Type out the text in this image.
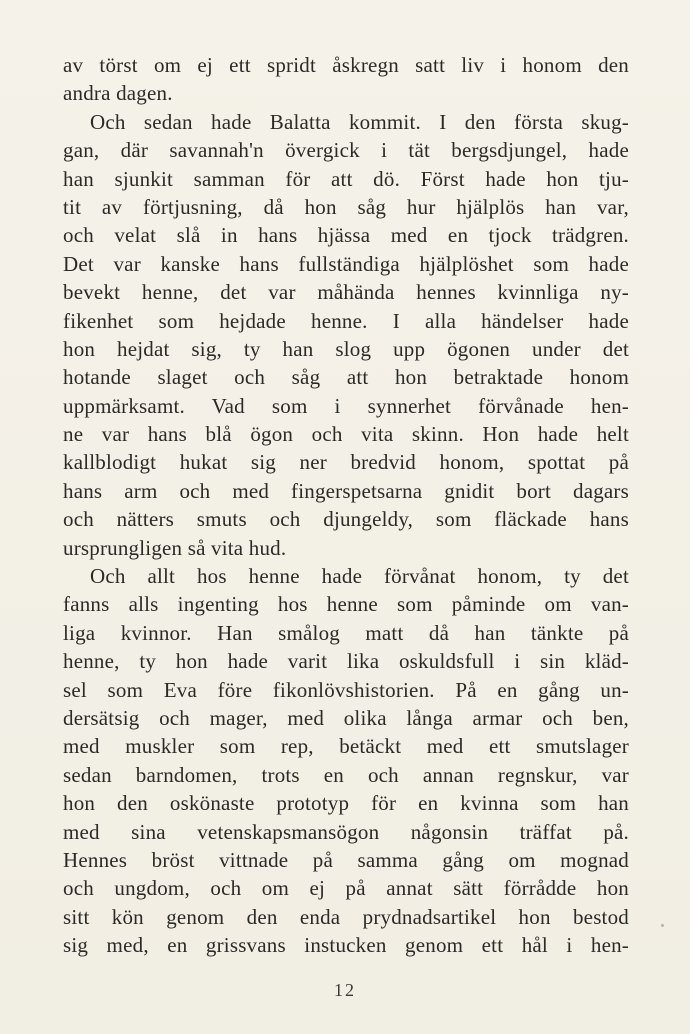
av törst om ej ett spridt åskregn satt liv i honom den
andra dagen.
Och sedan hade Balatta kommit. I den första skug-
gan, där savannah'n övergick i tät bergsdjungel, hade
han sjunkit samman för att dö. Först hade hon tju-
tit av förtjusning, då hon såg hur hjälplös han var,
och velat slå in hans hjässa med en tjock trädgren.
Det var kanske hans fullständiga hjälplöshet som hade
bevekt henne, det var måhända hennes kvinnliga ny-
fikenhet som hejdade henne. I alla händelser hade
hon hejdat sig, ty han slog upp ögonen under det
hotande slaget och såg att hon betraktade honom
uppmärksamt. Vad som i synnerhet förvånade hen-
ne var hans blå ögon och vita skinn. Hon hade helt
kallblodigt hukat sig ner bredvid honom, spottat på
hans arm och med fingerspetsarna gnidit bort dagars
och nätters smuts och djungeldy, som fläckade hans
ursprungligen så vita hud.
Och allt hos henne hade förvånat honom, ty det
fanns alls ingenting hos henne som påminde om van-
liga kvinnor. Han smålog matt då han tänkte på
henne, ty hon hade varit lika oskuldsfull i sin kläd-
sel som Eva före fikonlövshistorien. På en gång un-
dersätsig och mager, med olika långa armar och ben,
med muskler som rep, betäckt med ett smutslager
sedan barndomen, trots en och annan regnskur, var
hon den oskönaste prototyp för en kvinna som han
med sina vetenskapsmansögon någonsin träffat på.
Hennes bröst vittnade på samma gång om mognad
och ungdom, och om ej på annat sätt förrådde hon
sitt kön genom den enda prydnadsartikel hon bestod
sig med, en grissvans instucken genom ett hål i hen-
12
